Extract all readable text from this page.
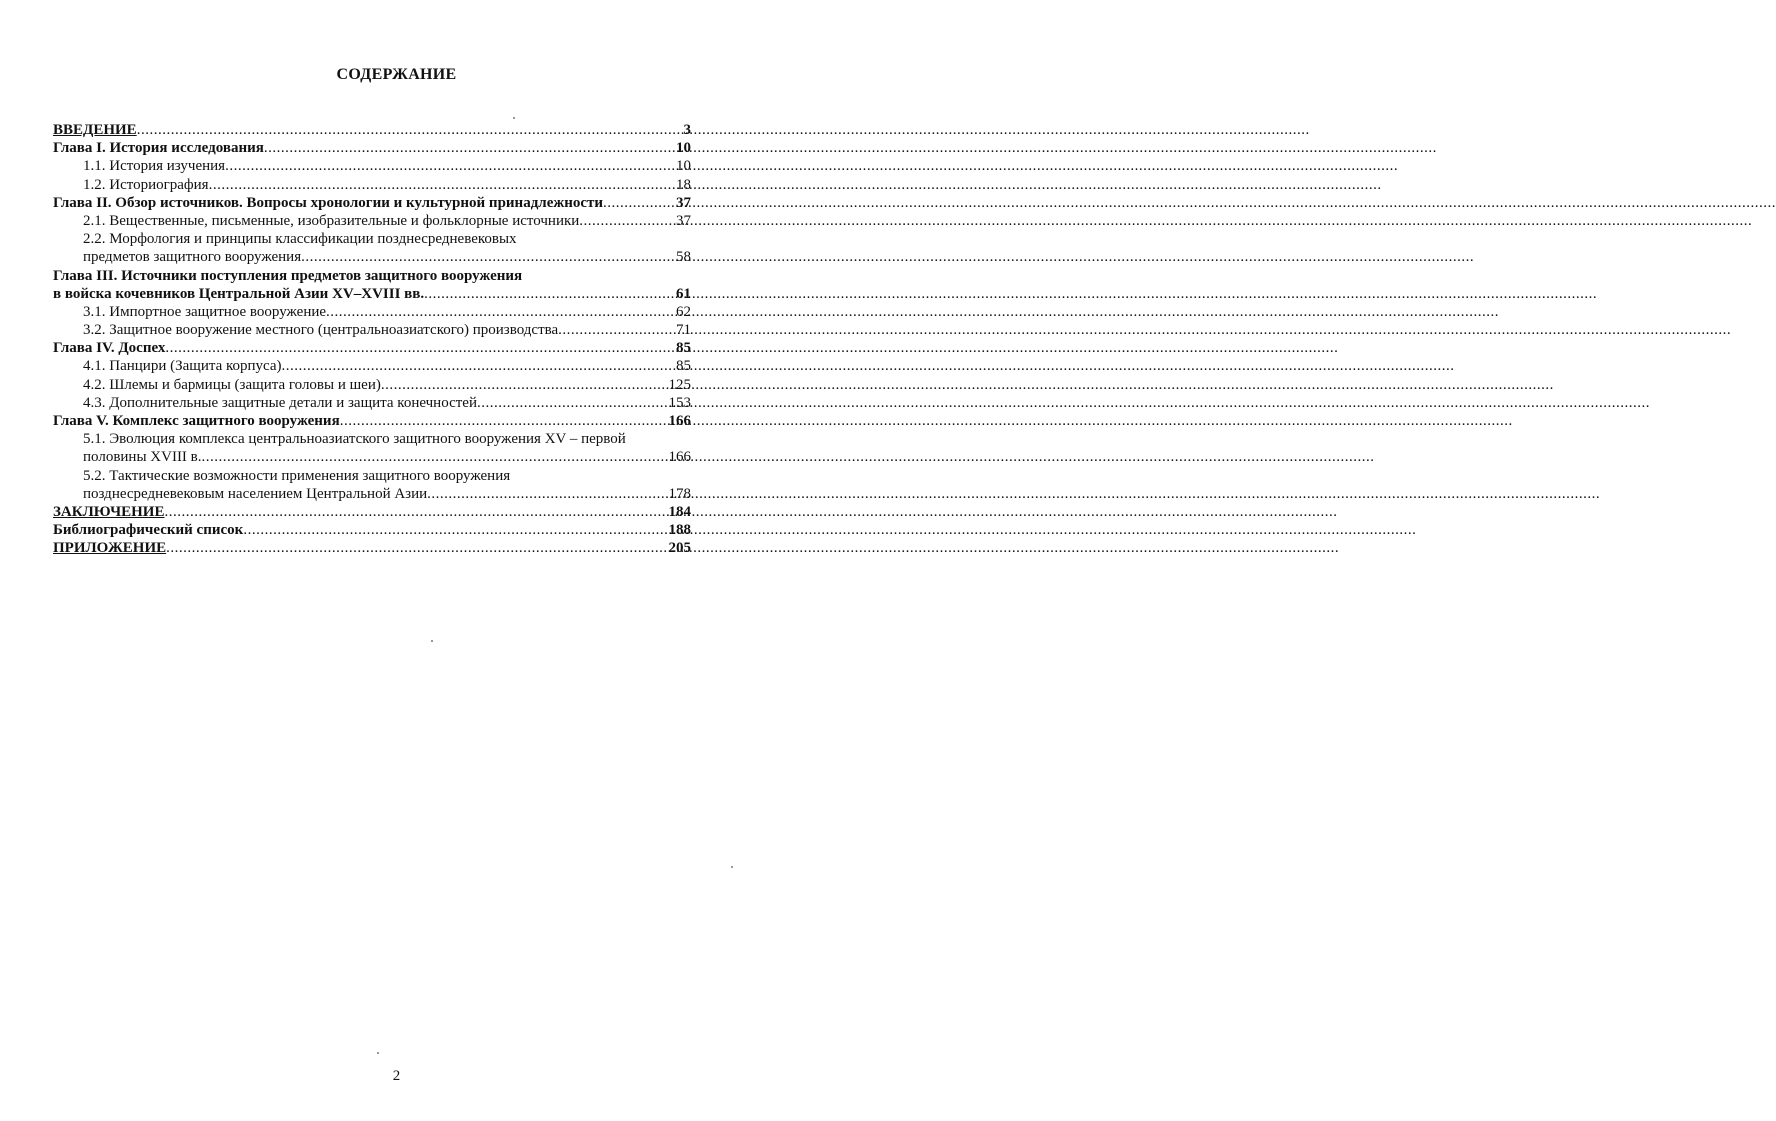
СОДЕРЖАНИЕ
ВВЕДЕНИЕ .....	3
Глава I. История исследования .....	10
1.1. История изучения .....	10
1.2. Историография .....	18
Глава II. Обзор источников. Вопросы хронологии и культурной принадлежности .....	37
2.1. Вещественные, письменные, изобразительные и фольклорные источники .....	37
2.2. Морфология и принципы классификации позднесредневековых
предметов защитного вооружения .....	58
Глава III. Источники поступления предметов защитного вооружения
в войска кочевников Центральной Азии XV–XVIII вв. .....	61
3.1. Импортное защитное вооружение .....	62
3.2. Защитное вооружение местного (центральноазиатского) производства .....	71
Глава IV. Доспех .....	85
4.1. Панцири (Защита корпуса) .....	85
4.2. Шлемы и бармицы (защита головы и шеи) .....	125
4.3. Дополнительные защитные детали и защита конечностей .....	153
Глава V. Комплекс защитного вооружения .....	166
5.1. Эволюция комплекса центральноазиатского защитного вооружения XV – первой
половины XVIII в. .....	166
5.2. Тактические возможности применения защитного вооружения
позднесредневековым населением Центральной Азии .....	178
ЗАКЛЮЧЕНИЕ .....	184
Библиографический список .....	188
ПРИЛОЖЕНИЕ .....	205
2
